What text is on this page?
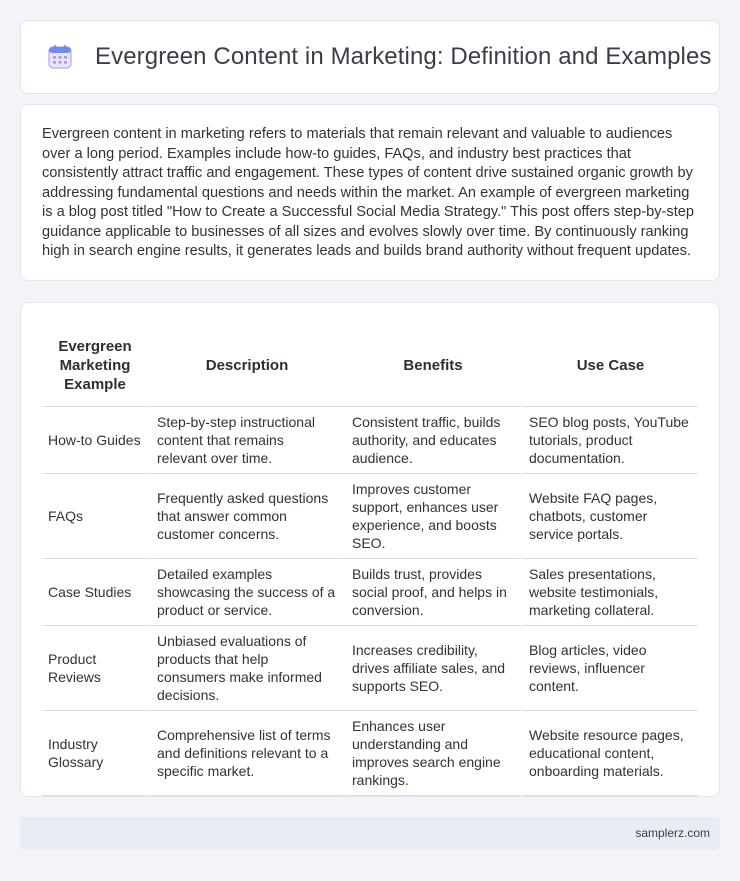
Evergreen Content in Marketing: Definition and Examples

Evergreen content in marketing refers to materials that remain relevant and valuable to audiences over a long period. Examples include how-to guides, FAQs, and industry best practices that consistently attract traffic and engagement. These types of content drive sustained organic growth by addressing fundamental questions and needs within the market. An example of evergreen marketing is a blog post titled "How to Create a Successful Social Media Strategy." This post offers step-by-step guidance applicable to businesses of all sizes and evolves slowly over time. By continuously ranking high in search engine results, it generates leads and builds brand authority without frequent updates.

Evergreen Marketing Example	Description	Benefits	Use Case
How-to Guides	Step-by-step instructional content that remains relevant over time.	Consistent traffic, builds authority, and educates audience.	SEO blog posts, YouTube tutorials, product documentation.
FAQs	Frequently asked questions that answer common customer concerns.	Improves customer support, enhances user experience, and boosts SEO.	Website FAQ pages, chatbots, customer service portals.
Case Studies	Detailed examples showcasing the success of a product or service.	Builds trust, provides social proof, and helps in conversion.	Sales presentations, website testimonials, marketing collateral.
Product Reviews	Unbiased evaluations of products that help consumers make informed decisions.	Increases credibility, drives affiliate sales, and supports SEO.	Blog articles, video reviews, influencer content.
Industry Glossary	Comprehensive list of terms and definitions relevant to a specific market.	Enhances user understanding and improves search engine rankings.	Website resource pages, educational content, onboarding materials.
samplerz.com
